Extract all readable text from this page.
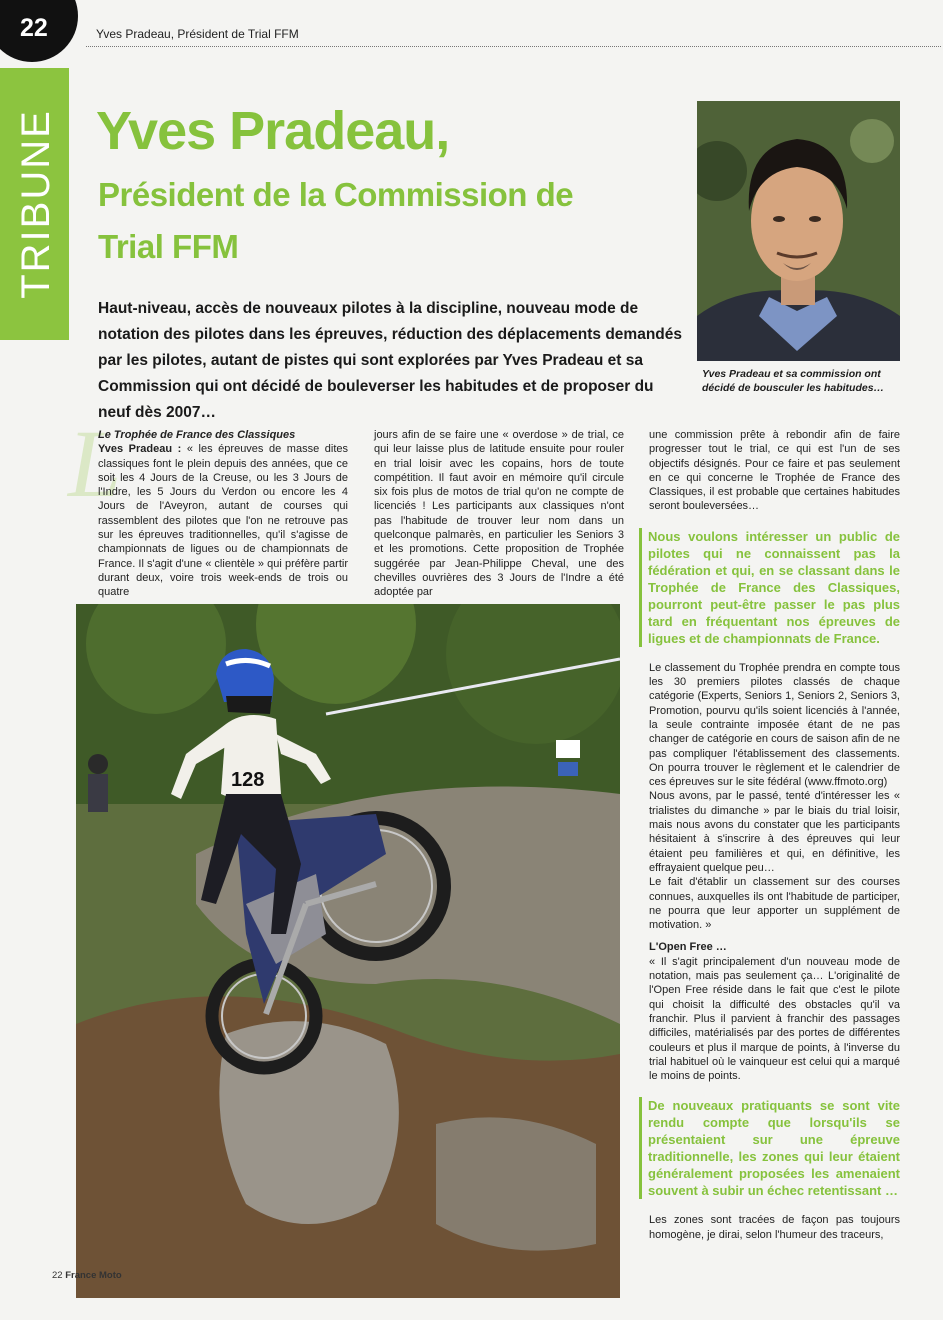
22	Yves Pradeau, Président de Trial FFM
TRIBUNE Yves Pradeau,
Président de la Commission de
Trial FFM
Haut-niveau, accès de nouveaux pilotes à la discipline, nouveau mode de notation des pilotes dans les épreuves, réduction des déplacements demandés par les pilotes, autant de pistes qui sont explorées par Yves Pradeau et sa Commission qui ont décidé de bouleverser les habitudes et de proposer du neuf dès 2007…
Yves Pradeau et sa commission ont décidé de bousculer les habitudes…
L

Le Trophée de France des Classiques

Yves Pradeau : « les épreuves de masse dites classiques font le plein depuis des années, que ce soit les 4 Jours de la Creuse, ou les 3 Jours de l'Indre, les 5 Jours du Verdon ou encore les 4 Jours de l'Aveyron, autant de courses qui rassemblent des pilotes que l'on ne retrouve pas sur les épreuves traditionnelles, qu'il s'agisse de championnats de ligues ou de championnats de France. Il s'agit d'une « clientèle » qui préfère partir durant deux, voire trois week-ends de trois ou quatre

jours afin de se faire une « overdose » de trial, ce qui leur laisse plus de latitude ensuite pour rouler en trial loisir avec les copains, hors de toute compétition. Il faut avoir en mémoire qu'il circule six fois plus de motos de trial qu'on ne compte de licenciés ! Les participants aux classiques n'ont pas l'habitude de trouver leur nom dans un quelconque palmarès, en particulier les Seniors 3 et les promotions. Cette proposition de Trophée suggérée par Jean-Philippe Cheval, une des chevilles ouvrières des 3 Jours de l'Indre a été adoptée par

une commission prête à rebondir afin de faire progresser tout le trial, ce qui est l'un de ses objectifs désignés. Pour ce faire et pas seulement en ce qui concerne le Trophée de France des Classiques, il est probable que certaines habitudes seront bouleversées…

Nous voulons intéresser un public de pilotes qui ne connaissent pas la fédération et qui, en se classant dans le Trophée de France des Classiques, pourront peut-être passer le pas plus tard en fréquentant nos épreuves de ligues et de championnats de France.

Le classement du Trophée prendra en compte tous les 30 premiers pilotes classés de chaque catégorie (Experts, Seniors 1, Seniors 2, Seniors 3, Promotion, pourvu qu'ils soient licenciés à l'année, la seule contrainte imposée étant de ne pas changer de catégorie en cours de saison afin de ne pas compliquer l'établissement des classements. On pourra trouver le règlement et le calendrier de ces épreuves sur le site fédéral (www.ffmoto.org)

Nous avons, par le passé, tenté d'intéresser les « trialistes du dimanche » par le biais du trial loisir, mais nous avons du constater que les participants hésitaient à s'inscrire à des épreuves qui leur étaient peu familières et qui, en définitive, les effrayaient quelque peu…

Le fait d'établir un classement sur des courses connues, auxquelles ils ont l'habitude de participer, ne pourra que leur apporter un supplément de motivation. »

L'Open Free …

« Il s'agit principalement d'un nouveau mode de notation, mais pas seulement ça… L'originalité de l'Open Free réside dans le fait que c'est le pilote qui choisit la difficulté des obstacles qu'il va franchir. Plus il parvient à franchir des passages difficiles, matérialisés par des portes de différentes couleurs et plus il marque de points, à l'inverse du trial habituel où le vainqueur est celui qui a marqué le moins de points.

De nouveaux pratiquants se sont vite rendu compte que lorsqu'ils se présentaient sur une épreuve traditionnelle, les zones qui leur étaient généralement proposées les amenaient souvent à subir un échec retentissant …

Les zones sont tracées de façon pas toujours homogène, je dirai, selon l'humeur des traceurs,

128
22 France Moto
